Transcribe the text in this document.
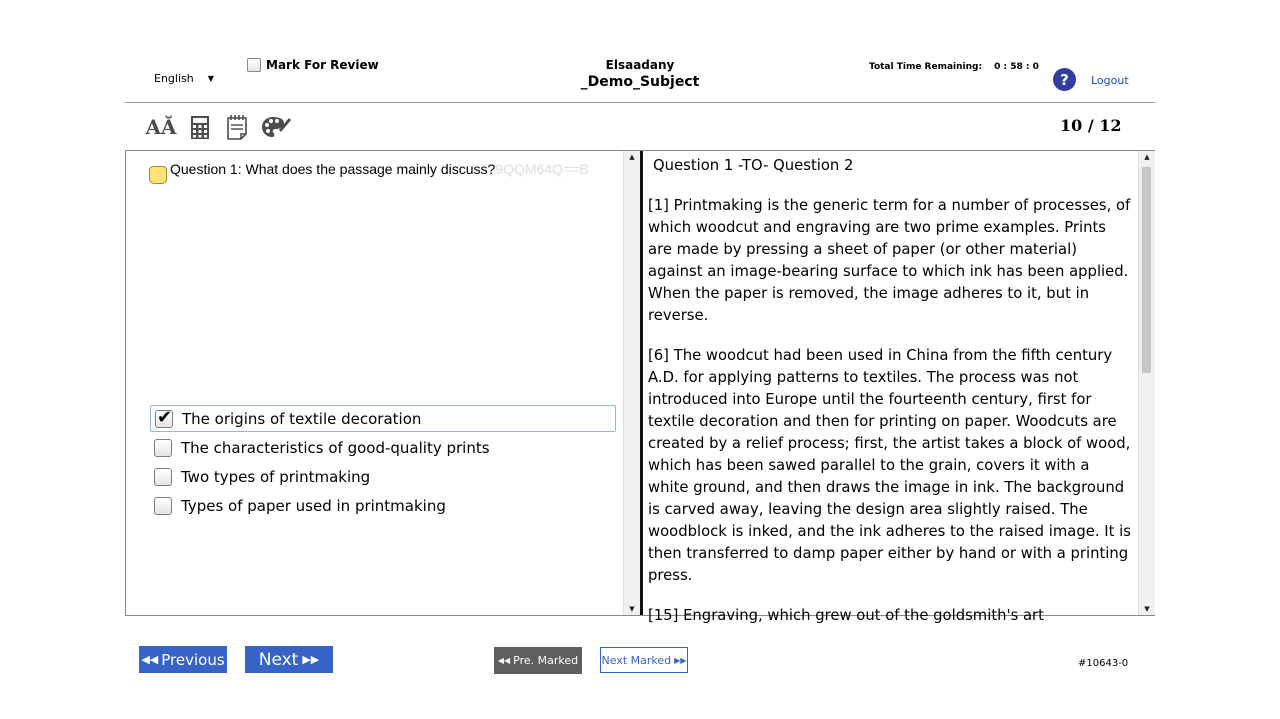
English ▼
Mark For Review	Elsaadany
_Demo_Subject
Total Time Remaining: 0 : 58 : 0
?	Logout
AĂ	10 / 12
Question 1: What does the passage mainly discuss? 9QQM64Q==B
✔
The origins of textile decoration
The characteristics of good-quality prints
Two types of printmaking
Types of paper used in printmaking
▲
▼
Question 1 -TO- Question 2

[1] Printmaking is the generic term for a number of processes, of which woodcut and engraving are two prime examples. Prints are made by pressing a sheet of paper (or other material) against an image-bearing surface to which ink has been applied. When the paper is removed, the image adheres to it, but in reverse.

[6] The woodcut had been used in China from the fifth century A.D. for applying patterns to textiles. The process was not introduced into Europe until the fourteenth century, first for textile decoration and then for printing on paper. Woodcuts are created by a relief process; first, the artist takes a block of wood, which has been sawed parallel to the grain, covers it with a white ground, and then draws the image in ink. The background is carved away, leaving the design area slightly raised. The woodblock is inked, and the ink adheres to the raised image. It is then transferred to damp paper either by hand or with a printing press.

[15] Engraving, which grew out of the goldsmith's art

▲
▼
◀◀ Previous Next ▶▶	◀◀ Pre. Marked Next Marked ▶▶	#10643-0
